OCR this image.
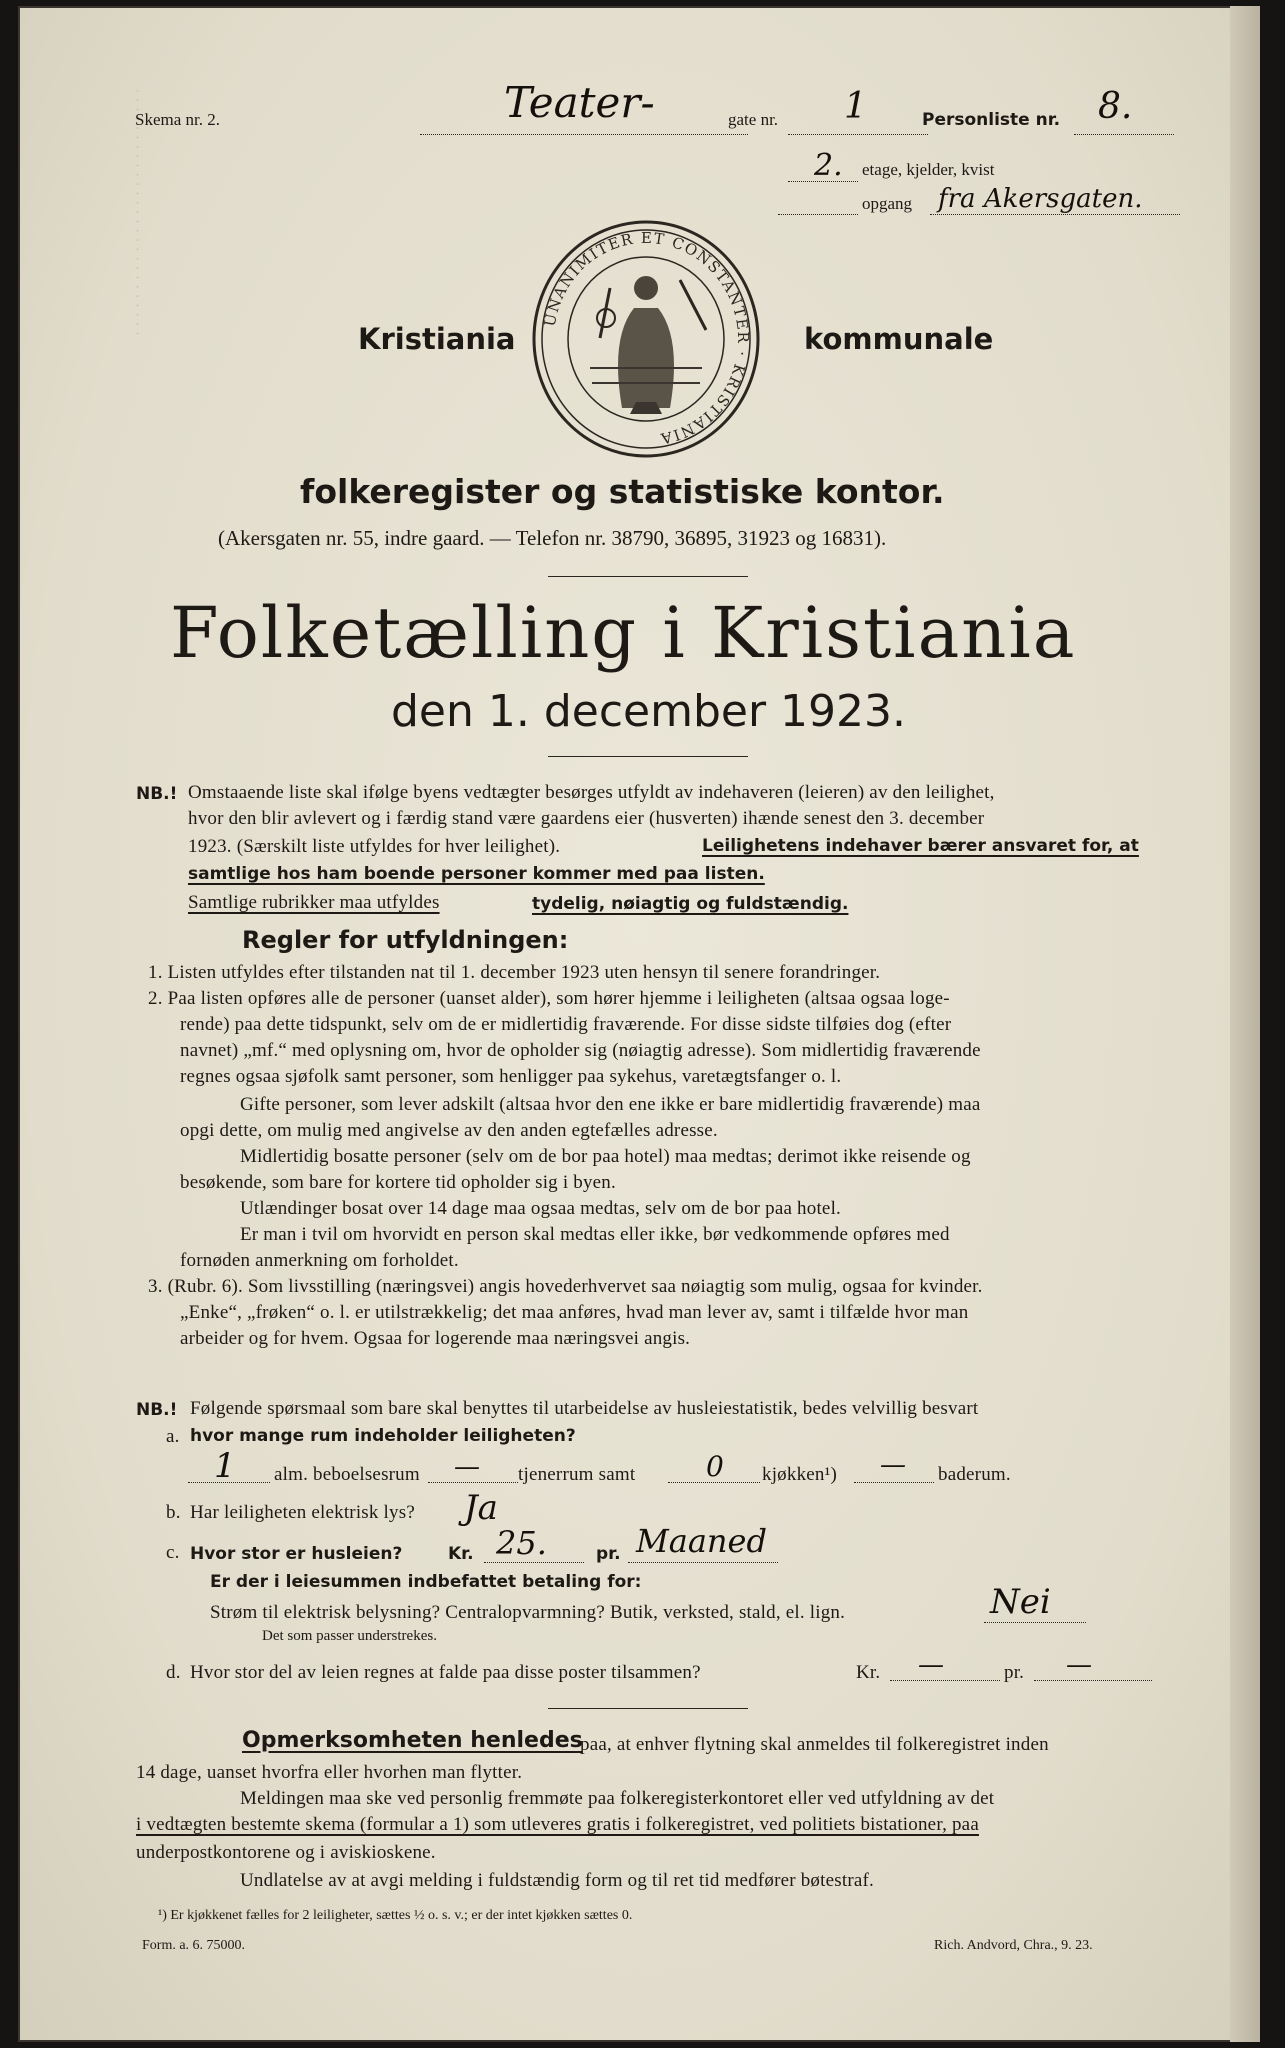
· · · · · · · · · · · · · · · · · · · · · · · · · · ·
Skema nr. 2.	Teater-	gate nr. 1	Personliste nr. 8.
2. etage, kjelder, kvist
opgang fra Akersgaten.
UNANIMITER ET CONSTANTER · KRISTIANIA
Kristiania	kommunale
folkeregister og statistiske kontor.
(Akersgaten nr. 55, indre gaard. — Telefon nr. 38790, 36895, 31923 og 16831).
Folketælling i Kristiania
den 1. december 1923.
NB.! Omstaaende liste skal ifølge byens vedtægter besørges utfyldt av indehaveren (leieren) av den leilighet,
hvor den blir avlevert og i færdig stand være gaardens eier (husverten) ihænde senest den 3. december
1923. (Særskilt liste utfyldes for hver leilighet).	Leilighetens indehaver bærer ansvaret for, at
samtlige hos ham boende personer kommer med paa listen.
Samtlige rubrikker maa utfyldes	tydelig, nøiagtig og fuldstændig.
Regler for utfyldningen:
1. Listen utfyldes efter tilstanden nat til 1. december 1923 uten hensyn til senere forandringer.
2. Paa listen opføres alle de personer (uanset alder), som hører hjemme i leiligheten (altsaa ogsaa loge-
rende) paa dette tidspunkt, selv om de er midlertidig fraværende. For disse sidste tilføies dog (efter
navnet) „mf.“ med oplysning om, hvor de opholder sig (nøiagtig adresse). Som midlertidig fraværende
regnes ogsaa sjøfolk samt personer, som henligger paa sykehus, varetægtsfanger o. l.
Gifte personer, som lever adskilt (altsaa hvor den ene ikke er bare midlertidig fraværende) maa
opgi dette, om mulig med angivelse av den anden egtefælles adresse.
Midlertidig bosatte personer (selv om de bor paa hotel) maa medtas; derimot ikke reisende og
besøkende, som bare for kortere tid opholder sig i byen.
Utlændinger bosat over 14 dage maa ogsaa medtas, selv om de bor paa hotel.
Er man i tvil om hvorvidt en person skal medtas eller ikke, bør vedkommende opføres med
fornøden anmerkning om forholdet.
3. (Rubr. 6). Som livsstilling (næringsvei) angis hovederhvervet saa nøiagtig som mulig, ogsaa for kvinder.
„Enke“, „frøken“ o. l. er utilstrækkelig; det maa anføres, hvad man lever av, samt i tilfælde hvor man
arbeider og for hvem. Ogsaa for logerende maa næringsvei angis.
NB.! Følgende spørsmaal som bare skal benyttes til utarbeidelse av husleiestatistik, bedes velvillig besvart
a. hvor mange rum indeholder leiligheten?
1 alm. beboelsesrum — tjenerrum samt	0 kjøkken¹) — baderum.
b. Har leiligheten elektrisk lys? Ja
c. Hvor stor er husleien?	Kr. 25.	pr. Maaned
Er der i leiesummen indbefattet betaling for:
Strøm til elektrisk belysning? Centralopvarmning? Butik, verksted, stald, el. lign.	Nei
Det som passer understrekes.
d. Hvor stor del av leien regnes at falde paa disse poster tilsammen?	Kr. —	pr. —
Opmerksomheten henledes
paa, at enhver flytning skal anmeldes til folkeregistret inden
14 dage, uanset hvorfra eller hvorhen man flytter.
Meldingen maa ske ved personlig fremmøte paa folkeregisterkontoret eller ved utfyldning av det
i vedtægten bestemte skema (formular a 1) som utleveres gratis i folkeregistret, ved politiets bistationer, paa
underpostkontorene og i aviskioskene.
Undlatelse av at avgi melding i fuldstændig form og til ret tid medfører bøtestraf.
¹) Er kjøkkenet fælles for 2 leiligheter, sættes ½ o. s. v.; er der intet kjøkken sættes 0.
Form. a. 6. 75000.	Rich. Andvord, Chra., 9. 23.
